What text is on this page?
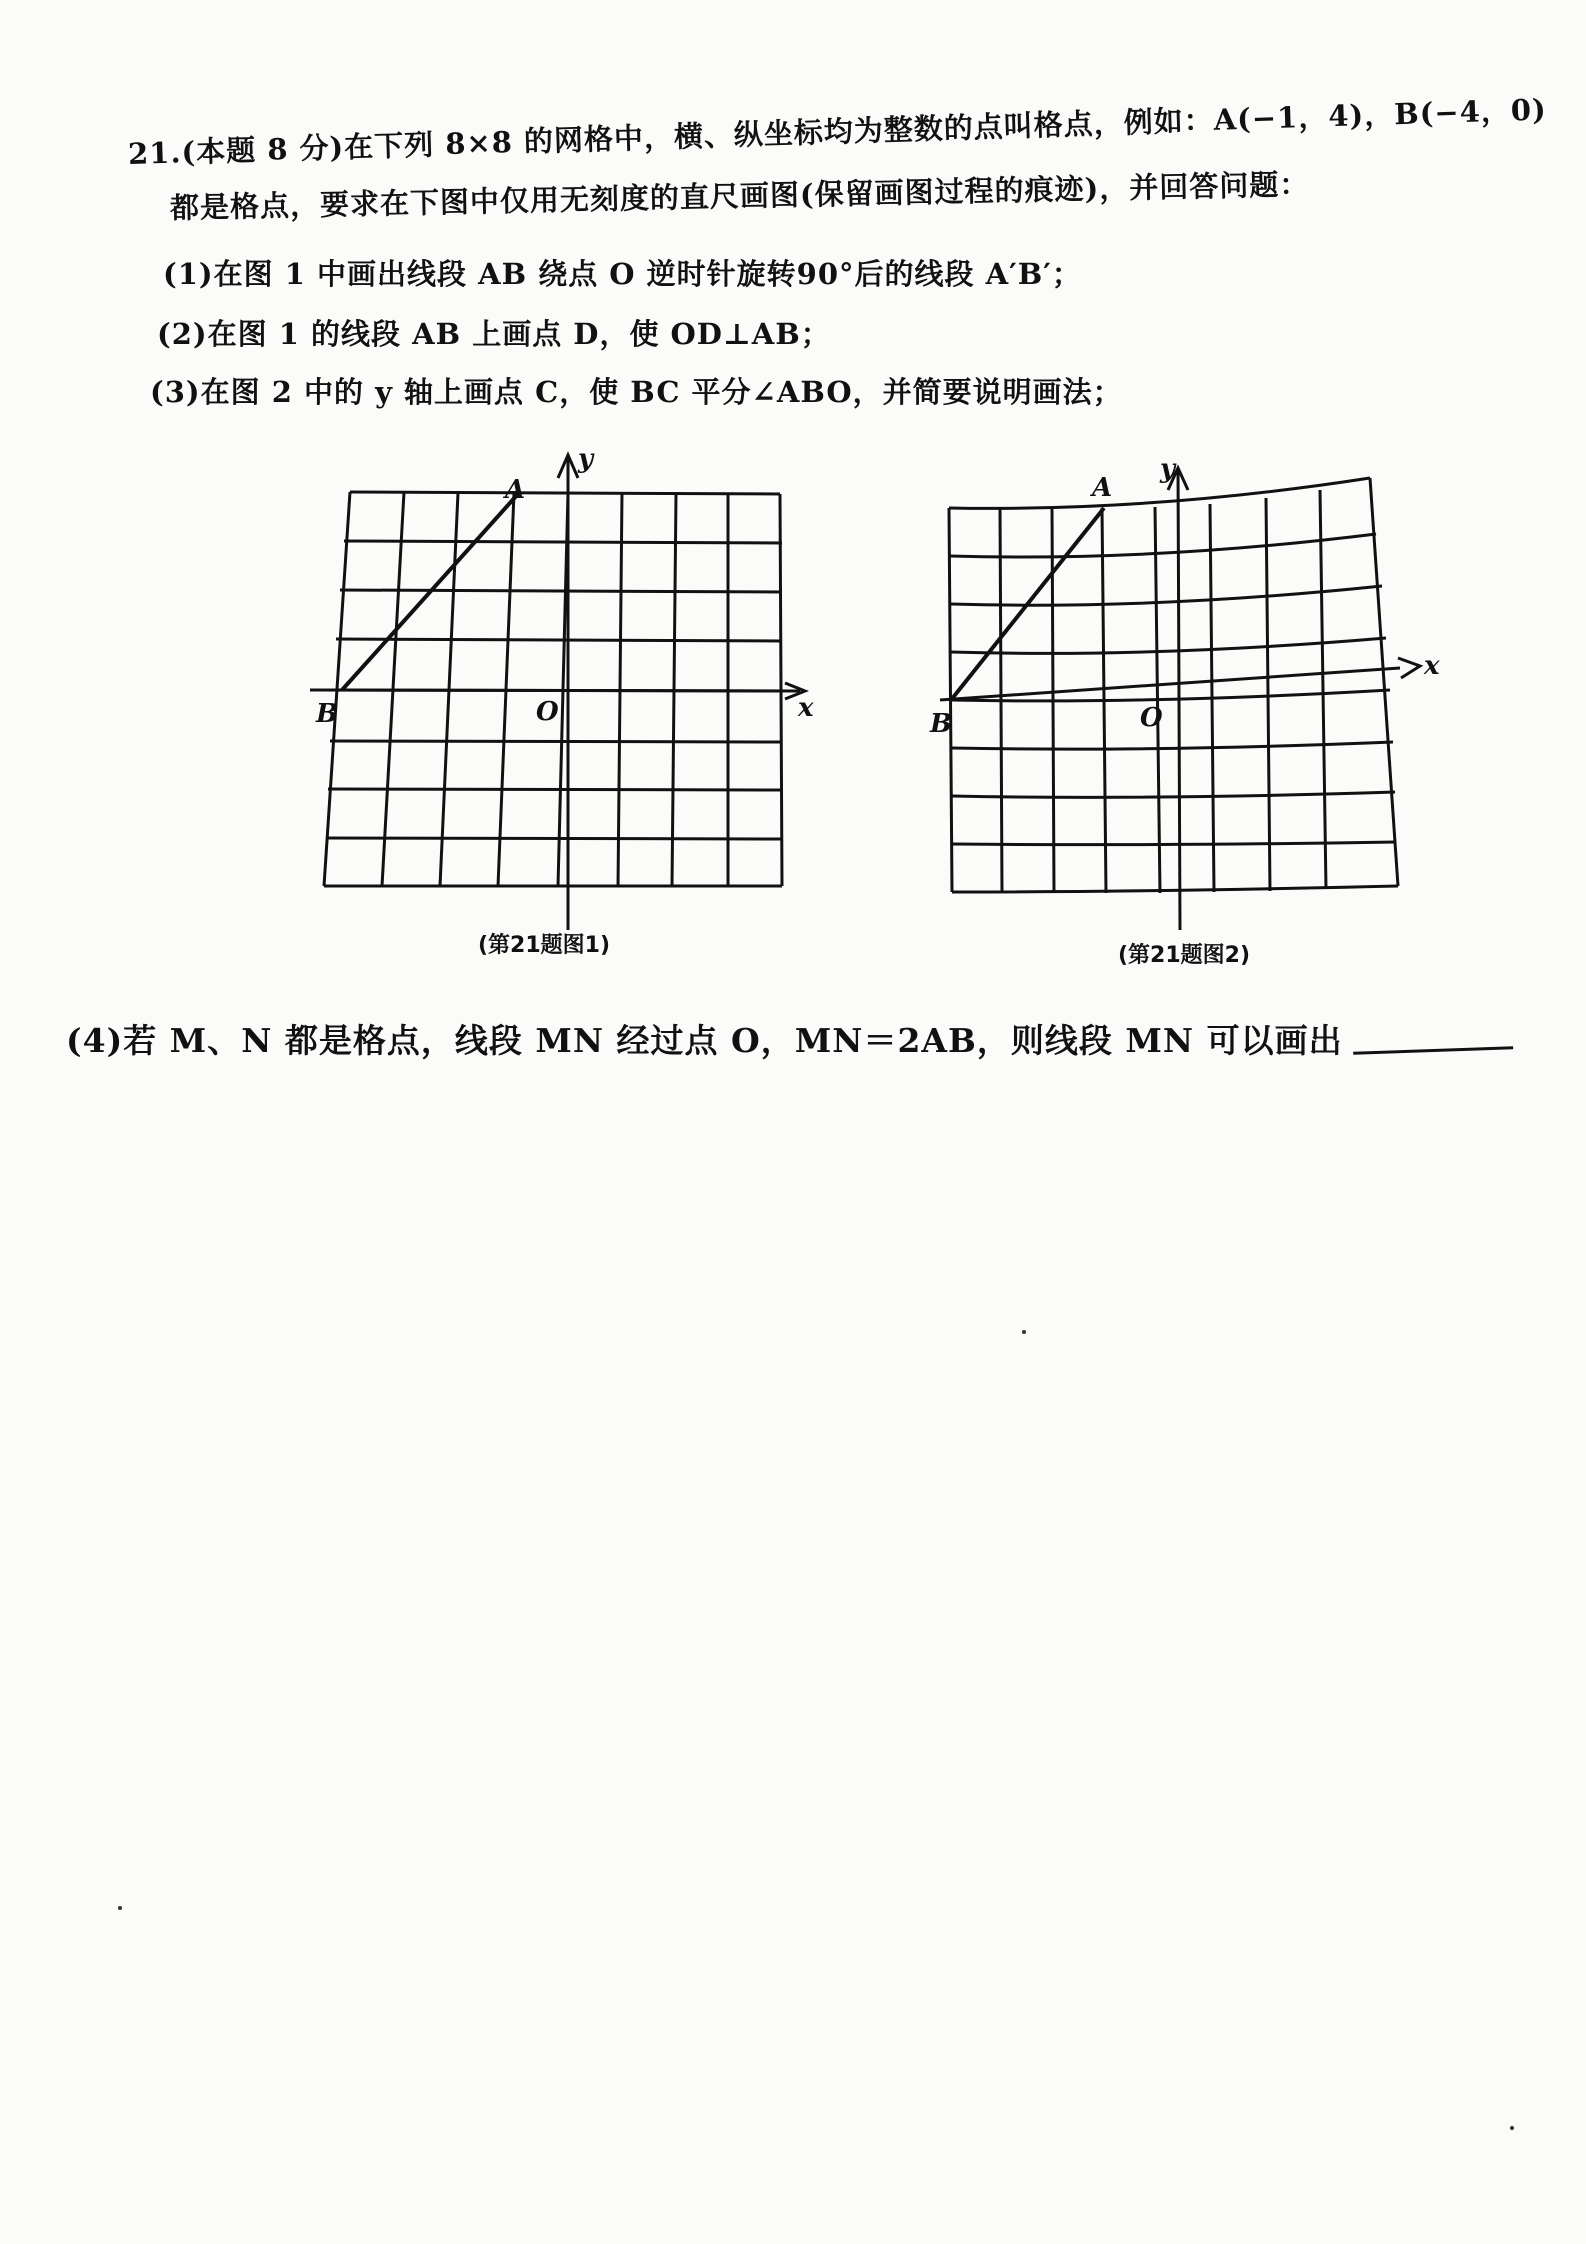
21.(本题 8 分)在下列 8×8 的网格中，横、纵坐标均为整数的点叫格点，例如：A(−1，4)，B(−4，0)
都是格点，要求在下图中仅用无刻度的直尺画图(保留画图过程的痕迹)，并回答问题：
(1)在图 1 中画出线段 AB 绕点 O 逆时针旋转90°后的线段 A′B′；
(2)在图 1 的线段 AB 上画点 D，使 OD⊥AB；
(3)在图 2 中的 y 轴上画点 C，使 BC 平分∠ABO，并简要说明画法；
A
y
B	O	x
(第21题图1)
A
y
B	O
x
(第21题图2)
(4)若 M、N 都是格点，线段 MN 经过点 O，MN＝2AB，则线段 MN 可以画出
